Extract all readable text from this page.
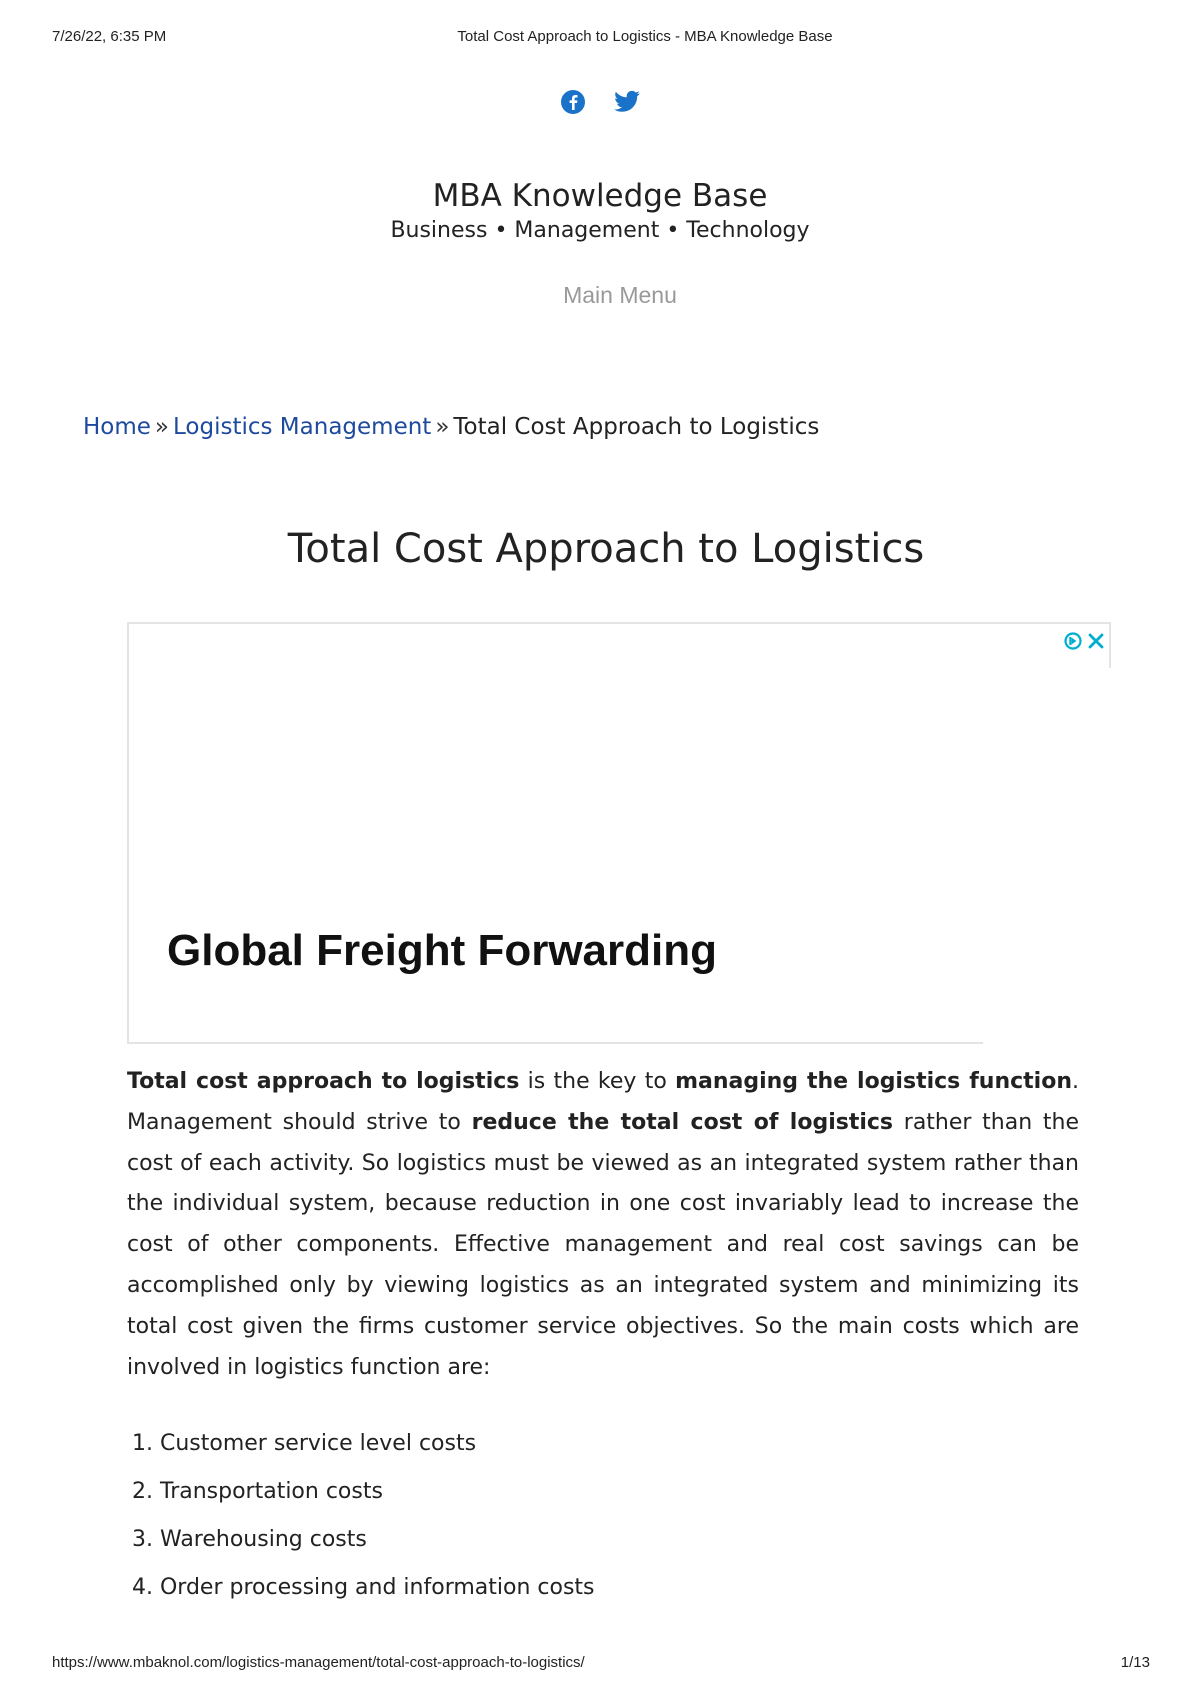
7/26/22, 6:35 PM	Total Cost Approach to Logistics - MBA Knowledge Base

MBA Knowledge Base
Business • Management • Technology
Main Menu
Home » Logistics Management » Total Cost Approach to Logistics
Total Cost Approach to Logistics
Global Freight Forwarding
Total cost approach to logistics is the key to managing the logistics function. Management should strive to reduce the total cost of logistics rather than the cost of each activity. So logistics must be viewed as an integrated system rather than the individual system, because reduction in one cost invariably lead to increase the cost of other components. Effective management and real cost savings can be accomplished only by viewing logistics as an integrated system and minimizing its total cost given the firms customer service objectives. So the main costs which are involved in logistics function are:
1. Customer service level costs
2. Transportation costs
3. Warehousing costs
4. Order processing and information costs
https://www.mbaknol.com/logistics-management/total-cost-approach-to-logistics/	1/13
